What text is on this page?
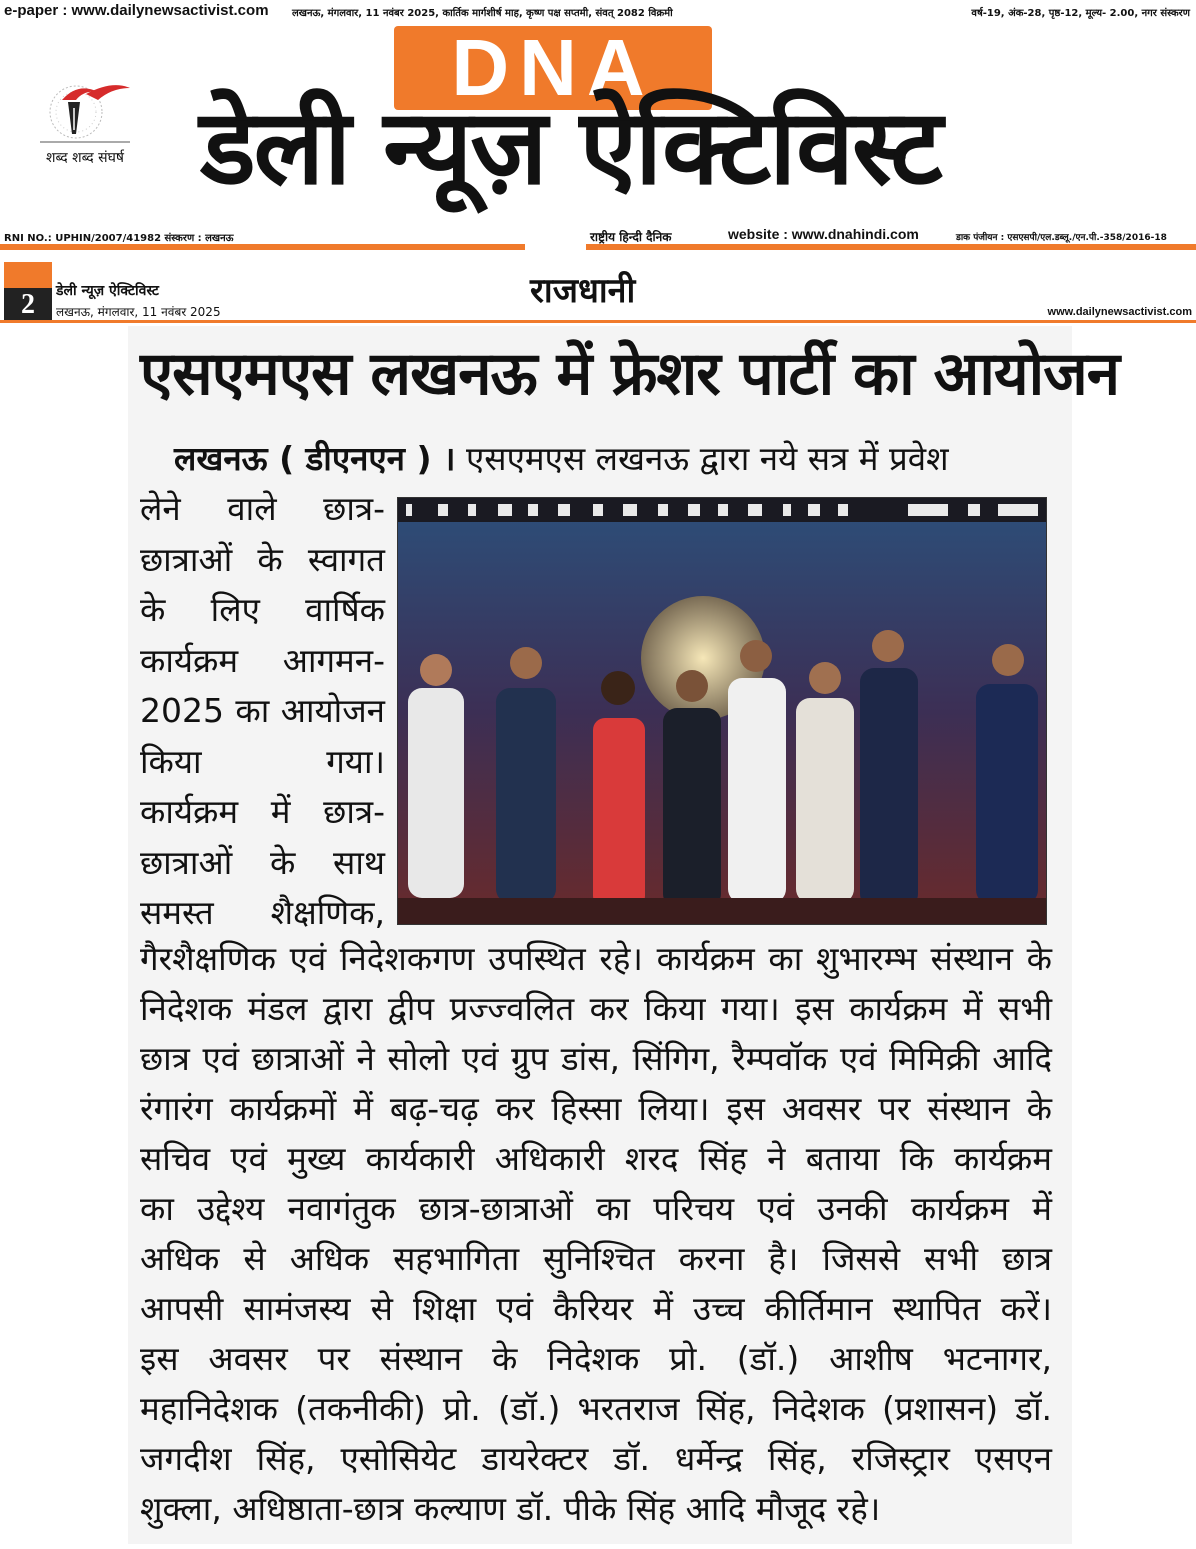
e-paper : www.dailynewsactivist.com लखनऊ, मंगलवार, 11 नवंबर 2025, कार्तिक मार्गशीर्ष माह, कृष्ण पक्ष सप्तमी, संवत् 2082 विक्रमी	वर्ष-19, अंक-28, पृष्ठ-12, मूल्य- 2.00, नगर संस्करण
शब्द शब्द संघर्ष
DNA
डेली न्यूज़ ऐक्टिविस्ट
RNI NO.: UPHIN/2007/41982 संस्करण : लखनऊ	राष्ट्रीय हिन्दी दैनिक	website : www.dnahindi.com	डाक पंजीयन : एसएसपी/एल.डब्लू./एन.पी.-358/2016-18
2	डेली न्यूज़ ऐक्टिविस्ट
लखनऊ, मंगलवार, 11 नवंबर 2025
राजधानी
www.dailynewsactivist.com
एसएमएस लखनऊ में फ्रेशर पार्टी का आयोजन
लखनऊ ( डीएनएन ) । एसएमएस लखनऊ द्वारा नये सत्र में प्रवेश
लेने वाले छात्र-
छात्राओं के स्वागत
के लिए वार्षिक
कार्यक्रम आगमन-
2025 का आयोजन
किया गया।
कार्यक्रम में छात्र-
छात्राओं के साथ
समस्त शैक्षणिक,
गैरशैक्षणिक एवं निदेशकगण उपस्थित रहे। कार्यक्रम का शुभारम्भ संस्थान के
निदेशक मंडल द्वारा द्वीप प्रज्ज्वलित कर किया गया। इस कार्यक्रम में सभी
छात्र एवं छात्राओं ने सोलो एवं ग्रुप डांस, सिंगिग, रैम्पवॉक एवं मिमिक्री आदि
रंगारंग कार्यक्रमों में बढ़-चढ़ कर हिस्सा लिया। इस अवसर पर संस्थान के
सचिव एवं मुख्य कार्यकारी अधिकारी शरद सिंह ने बताया कि कार्यक्रम
का उद्देश्य नवागंतुक छात्र-छात्राओं का परिचय एवं उनकी कार्यक्रम में
अधिक से अधिक सहभागिता सुनिश्चित करना है। जिससे सभी छात्र
आपसी सामंजस्य से शिक्षा एवं कैरियर में उच्च कीर्तिमान स्थापित करें।
इस अवसर पर संस्थान के निदेशक प्रो. (डॉ.) आशीष भटनागर,
महानिदेशक (तकनीकी) प्रो. (डॉ.) भरतराज सिंह, निदेशक (प्रशासन) डॉ.
जगदीश सिंह, एसोसियेट डायरेक्टर डॉ. धर्मेन्द्र सिंह, रजिस्ट्रार एसएन
शुक्ला, अधिष्ठाता-छात्र कल्याण डॉ. पीके सिंह आदि मौजूद रहे।
